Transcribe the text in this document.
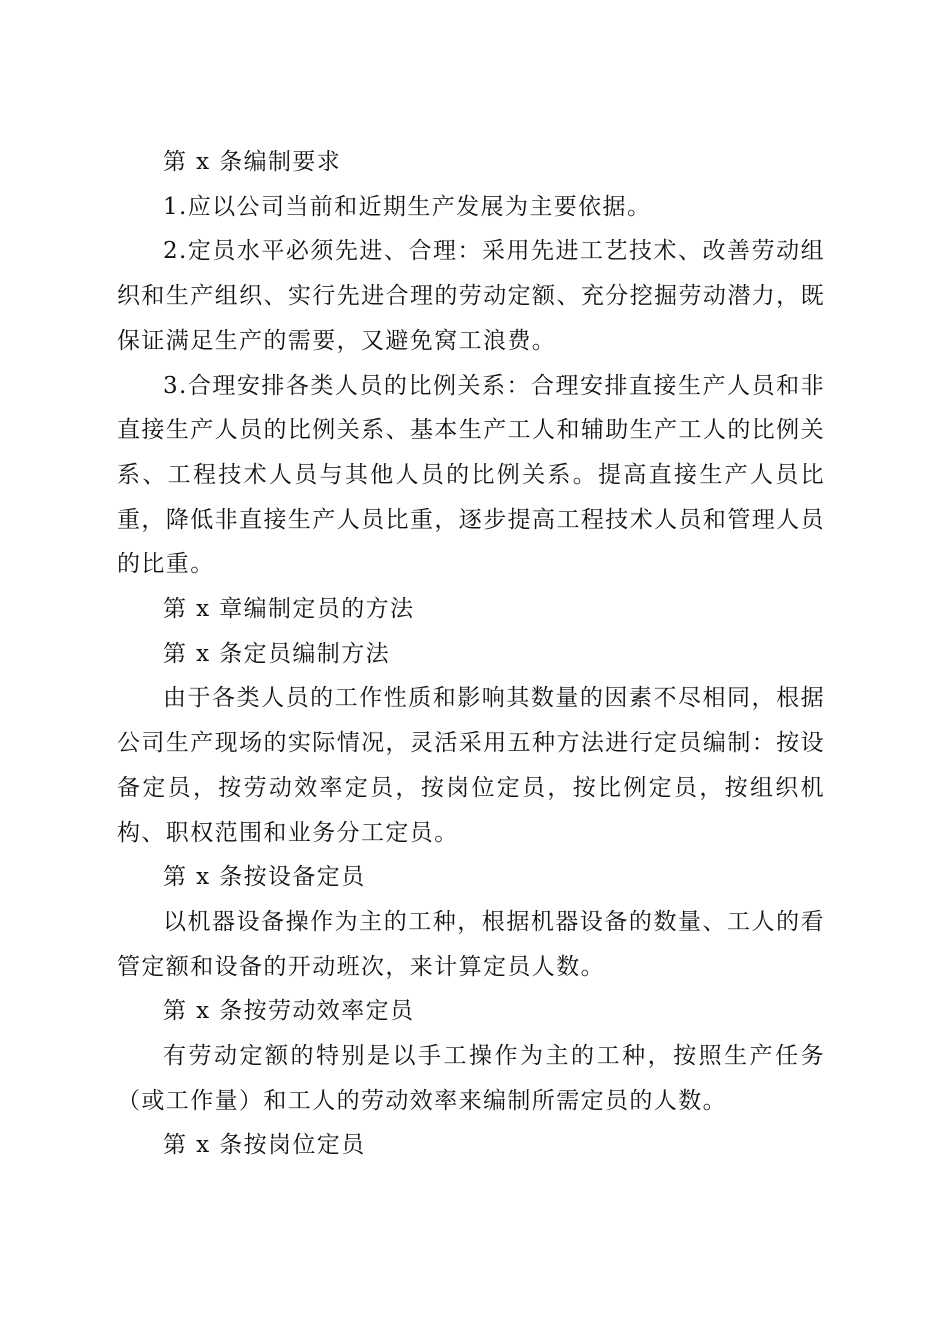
第 x 条编制要求

1.应以公司当前和近期生产发展为主要依据。

2.定员水平必须先进、合理：采用先进工艺技术、改善劳动组织和生产组织、实行先进合理的劳动定额、充分挖掘劳动潜力，既保证满足生产的需要，又避免窝工浪费。

3.合理安排各类人员的比例关系：合理安排直接生产人员和非直接生产人员的比例关系、基本生产工人和辅助生产工人的比例关系、工程技术人员与其他人员的比例关系。提高直接生产人员比重，降低非直接生产人员比重，逐步提高工程技术人员和管理人员的比重。

第 x 章编制定员的方法

第 x 条定员编制方法

由于各类人员的工作性质和影响其数量的因素不尽相同，根据公司生产现场的实际情况，灵活采用五种方法进行定员编制：按设备定员，按劳动效率定员，按岗位定员，按比例定员，按组织机构、职权范围和业务分工定员。

第 x 条按设备定员

以机器设备操作为主的工种，根据机器设备的数量、工人的看管定额和设备的开动班次，来计算定员人数。

第 x 条按劳动效率定员

有劳动定额的特别是以手工操作为主的工种，按照生产任务（或工作量）和工人的劳动效率来编制所需定员的人数。

第 x 条按岗位定员
